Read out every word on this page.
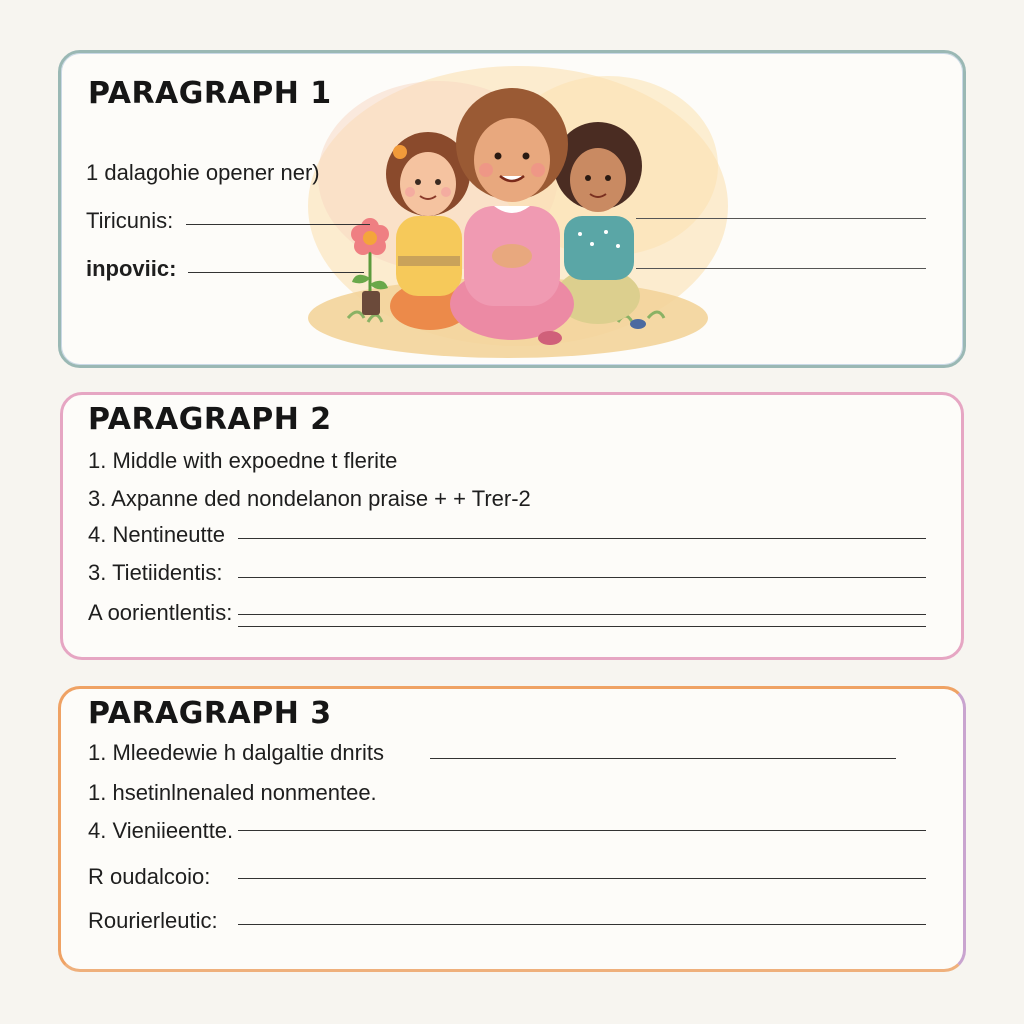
PARAGRAPH 1
1 dalagohie opener ner)
Tiricunis:
inpoviic:
PARAGRAPH 2
1. Middle with expoedne t flerite
3. Axpanne ded nondelanon praise + + Trer-2
4. Nentineutte
3. Tietiidentis:
A oorientlentis:
PARAGRAPH 3
1. Mleedewie h dalgaltie dnrits
1. hsetinlnenaled nonmentee.
4. Vieniieentte.
R oudalcoio:
Rourierleutic:
